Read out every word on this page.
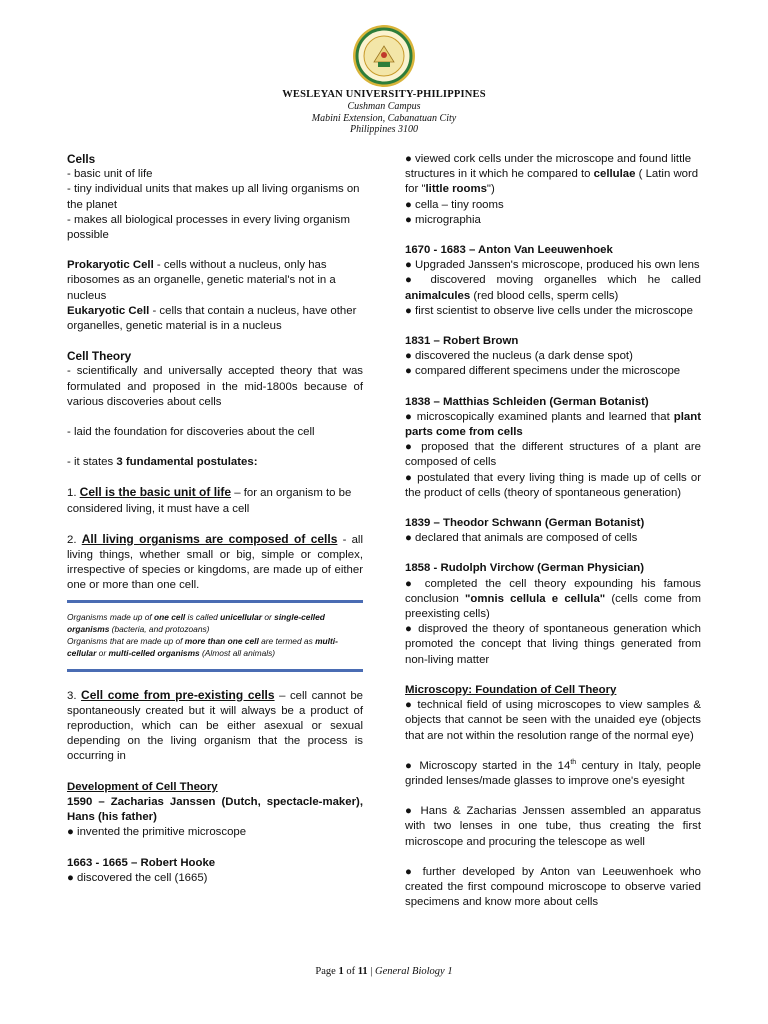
WESLEYAN UNIVERSITY-PHILIPPINES
Cushman Campus
Mabini Extension, Cabanatuan City
Philippines 3100

Cells

- basic unit of life

- tiny individual units that makes up all living organisms on the planet

- makes all biological processes in every living organism possible

Prokaryotic Cell - cells without a nucleus, only has ribosomes as an organelle, genetic material's not in a nucleus

Eukaryotic Cell - cells that contain a nucleus, have other organelles, genetic material is in a nucleus

Cell Theory

- scientifically and universally accepted theory that was formulated and proposed in the mid-1800s because of various discoveries about cells

- laid the foundation for discoveries about the cell

- it states 3 fundamental postulates:

1. Cell is the basic unit of life – for an organism to be considered living, it must have a cell

2. All living organisms are composed of cells - all living things, whether small or big, simple or complex, irrespective of species or kingdoms, are made up of either one or more than one cell.

Organisms made up of one cell is called unicellular or single-celled organisms (bacteria, and protozoans)
Organisms that are made up of more than one cell are termed as multi-cellular or multi-celled organisms (Almost all animals)

3. Cell come from pre-existing cells – cell cannot be spontaneously created but it will always be a product of reproduction, which can be either asexual or sexual depending on the living organism that the process is occurring in

Development of Cell Theory

1590 – Zacharias Janssen (Dutch, spectacle-maker), Hans (his father)

● invented the primitive microscope

1663 - 1665 – Robert Hooke

● discovered the cell (1665)

● viewed cork cells under the microscope and found little structures in it which he compared to cellulae ( Latin word for "little rooms")

● cella – tiny rooms

● micrographia

1670 - 1683 – Anton Van Leeuwenhoek

● Upgraded Janssen's microscope, produced his own lens

● discovered moving organelles which he called animalcules (red blood cells, sperm cells)

● first scientist to observe live cells under the microscope

1831 – Robert Brown

● discovered the nucleus (a dark dense spot)

● compared different specimens under the microscope

1838 – Matthias Schleiden (German Botanist)

● microscopically examined plants and learned that plant parts come from cells

● proposed that the different structures of a plant are composed of cells

● postulated that every living thing is made up of cells or the product of cells (theory of spontaneous generation)

1839 – Theodor Schwann (German Botanist)

● declared that animals are composed of cells

1858 - Rudolph Virchow (German Physician)

● completed the cell theory expounding his famous conclusion "omnis cellula e cellula" (cells come from preexisting cells)

● disproved the theory of spontaneous generation which promoted the concept that living things generated from non-living matter

Microscopy: Foundation of Cell Theory

● technical field of using microscopes to view samples & objects that cannot be seen with the unaided eye (objects that are not within the resolution range of the normal eye)

● Microscopy started in the 14th century in Italy, people grinded lenses/made glasses to improve one's eyesight

● Hans & Zacharias Jenssen assembled an apparatus with two lenses in one tube, thus creating the first microscope and procuring the telescope as well

● further developed by Anton van Leeuwenhoek who created the first compound microscope to observe varied specimens and know more about cells

Page 1 of 11 | General Biology 1
